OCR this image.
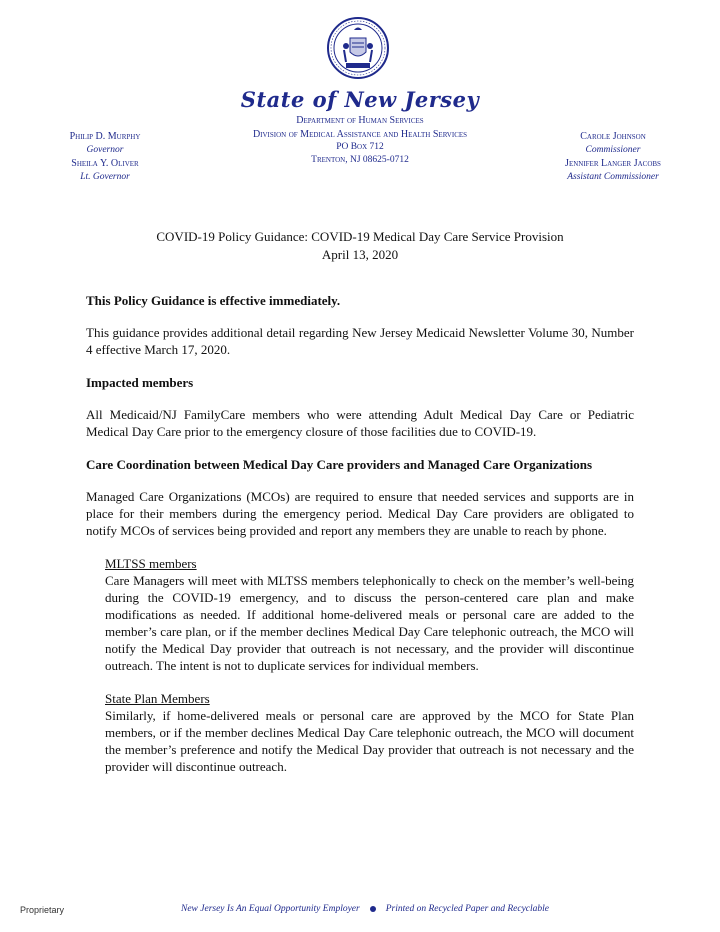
State of New Jersey
Department of Human Services
Division of Medical Assistance and Health Services
PO Box 712
Trenton, NJ 08625-0712
Philip D. Murphy
Governor
Sheila Y. Oliver
Lt. Governor
Carole Johnson
Commissioner
Jennifer Langer Jacobs
Assistant Commissioner
COVID-19 Policy Guidance: COVID-19 Medical Day Care Service Provision
April 13, 2020
This Policy Guidance is effective immediately.

This guidance provides additional detail regarding New Jersey Medicaid Newsletter Volume 30, Number 4 effective March 17, 2020.

Impacted members

All Medicaid/NJ FamilyCare members who were attending Adult Medical Day Care or Pediatric Medical Day Care prior to the emergency closure of those facilities due to COVID-19.

Care Coordination between Medical Day Care providers and Managed Care Organizations

Managed Care Organizations (MCOs) are required to ensure that needed services and supports are in place for their members during the emergency period. Medical Day Care providers are obligated to notify MCOs of services being provided and report any members they are unable to reach by phone.

MLTSS members

Care Managers will meet with MLTSS members telephonically to check on the member’s well-being during the COVID-19 emergency, and to discuss the person-centered care plan and make modifications as needed. If additional home-delivered meals or personal care are added to the member’s care plan, or if the member declines Medical Day Care telephonic outreach, the MCO will notify the Medical Day provider that outreach is not necessary, and the provider will discontinue outreach. The intent is not to duplicate services for individual members.

State Plan Members

Similarly, if home-delivered meals or personal care are approved by the MCO for State Plan members, or if the member declines Medical Day Care telephonic outreach, the MCO will document the member’s preference and notify the Medical Day provider that outreach is not necessary and the provider will discontinue outreach.

Proprietary	New Jersey Is An Equal Opportunity Employer	Printed on Recycled Paper and Recyclable
